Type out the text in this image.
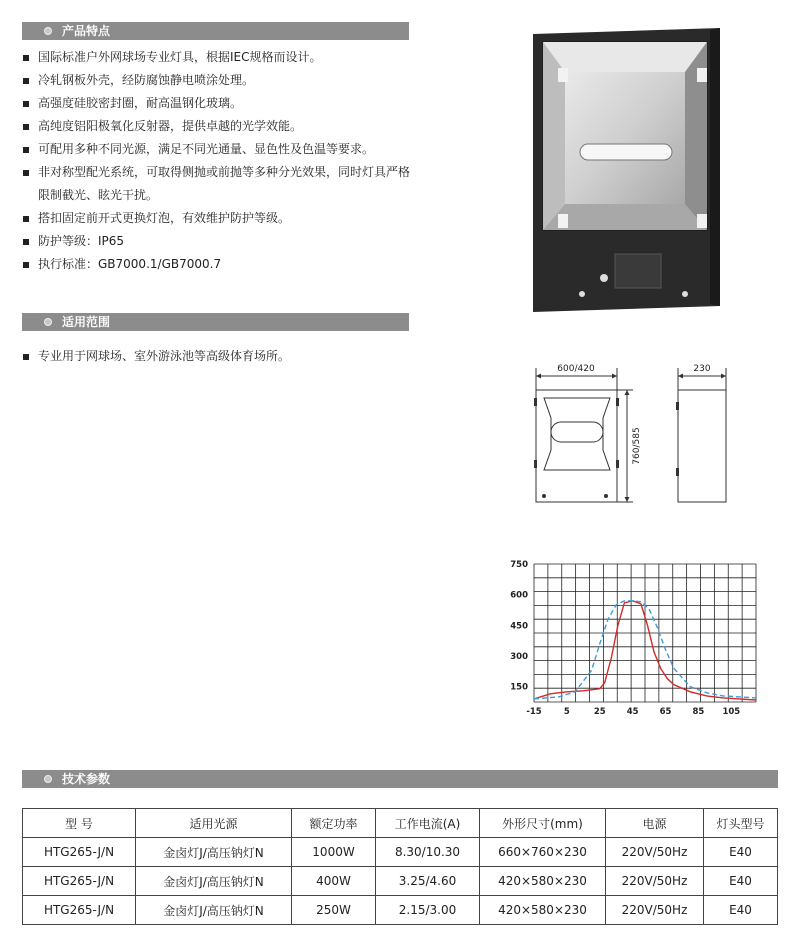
产品特点
国际标准户外网球场专业灯具，根据IEC规格而设计。
冷轧钢板外壳，经防腐蚀静电喷涂处理。
高强度硅胶密封圈，耐高温钢化玻璃。
高纯度铝阳极氧化反射器，提供卓越的光学效能。
可配用多种不同光源，满足不同光通量、显色性及色温等要求。
非对称型配光系统，可取得侧抛或前抛等多种分光效果，同时灯具严格限制截光、眩光干扰。
搭扣固定前开式更换灯泡，有效维护防护等级。
防护等级：IP65
执行标准：GB7000.1/GB7000.7
适用范围
专业用于网球场、室外游泳池等高级体育场所。
600/420
760/585
230
150
300
450
600
750
-15	5	25 45 65 85 105
技术参数
型 号	适用光源	额定功率	工作电流(A)	外形尺寸(mm)	电源	灯头型号
HTG265-J/N	金卤灯J/高压钠灯N	1000W	8.30/10.30	660×760×230	220V/50Hz	E40
HTG265-J/N	金卤灯J/高压钠灯N	400W	3.25/4.60	420×580×230	220V/50Hz	E40
HTG265-J/N	金卤灯J/高压钠灯N	250W	2.15/3.00	420×580×230	220V/50Hz	E40
